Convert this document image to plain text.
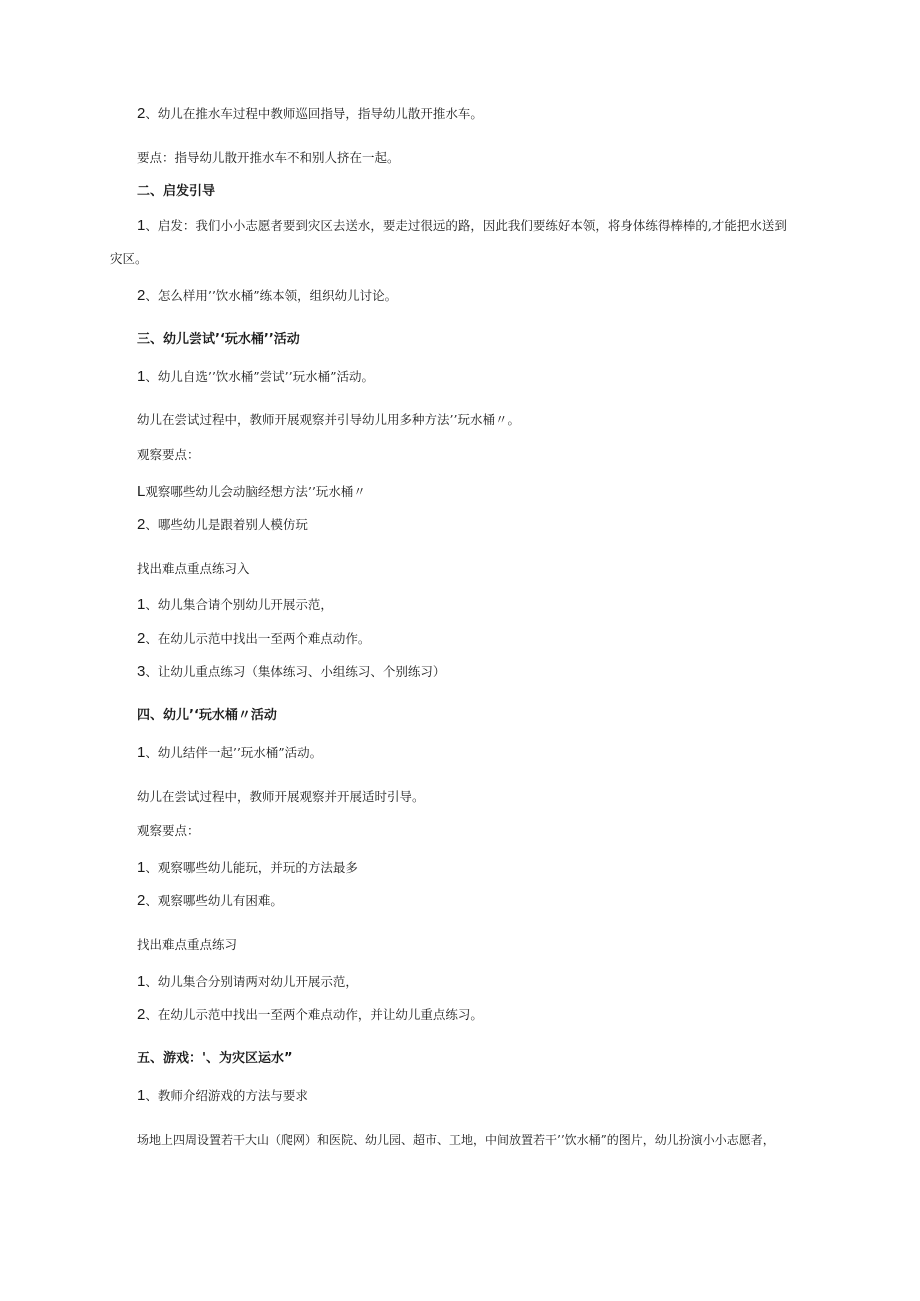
2、幼儿在推水车过程中教师巡回指导，指导幼儿散开推水车。
要点：指导幼儿散开推水车不和别人挤在一起。
二、启发引导
1、启发：我们小小志愿者要到灾区去送水，要走过很远的路，因此我们要练好本领，将身体练得棒棒的,才能把水送到
灾区。
2、怎么样用’’饮水桶”练本领，组织幼儿讨论。
三、幼儿尝试’‘玩水桶’’活动
1、幼儿自选’’饮水桶”尝试’’玩水桶”活动。
幼儿在尝试过程中，教师开展观察并引导幼儿用多种方法’’玩水桶〃。
观察要点：
L观察哪些幼儿会动脑经想方法’’玩水桶〃
2、哪些幼儿是跟着别人模仿玩
找出难点重点练习入
1、幼儿集合请个别幼儿开展示范，
2、在幼儿示范中找出一至两个难点动作。
3、让幼儿重点练习（集体练习、小组练习、个别练习）
四、幼儿’‘玩水桶〃活动
1、幼儿结伴一起’’玩水桶”活动。
幼儿在尝试过程中，教师开展观察并开展适时引导。
观察要点：
1、观察哪些幼儿能玩，并玩的方法最多
2、观察哪些幼儿有困难。
找出难点重点练习
1、幼儿集合分别请两对幼儿开展示范，
2、在幼儿示范中找出一至两个难点动作，并让幼儿重点练习。
五、游戏：'、为灾区运水”
1、教师介绍游戏的方法与要求
场地上四周设置若干大山（爬网）和医院、幼儿园、超市、工地，中间放置若干’’饮水桶”的图片，幼儿扮演小小志愿者，
